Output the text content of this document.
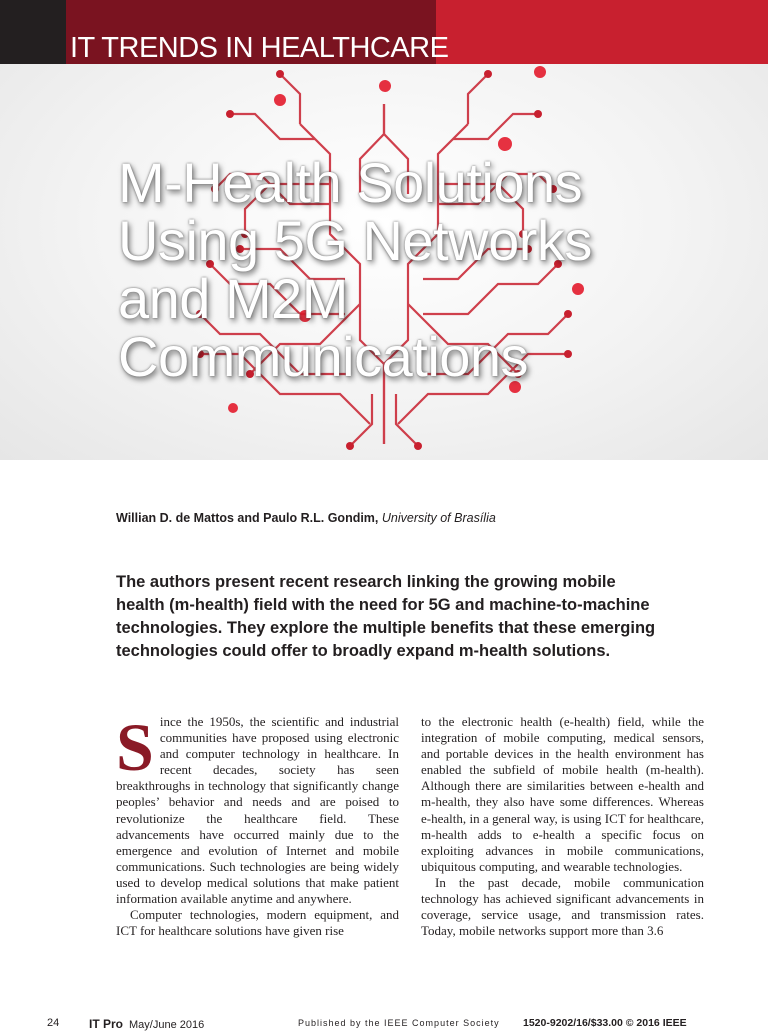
IT TRENDS IN HEALTHCARE
M-Health Solutions
Using 5G Networks
and M2M
Communications
Willian D. de Mattos and Paulo R.L. Gondim, University of Brasília
The authors present recent research linking the growing mobile health (m-health) field with the need for 5G and machine-to-machine technologies. They explore the multiple benefits that these emerging technologies could offer to broadly expand m-health solutions.

Since the 1950s, the scientific and industrial communities have proposed using electronic and computer technology in healthcare. In recent decades, society has seen breakthroughs in technology that significantly change peoples’ behavior and needs and are poised to revolutionize the healthcare field. These advancements have occurred mainly due to the emergence and evolution of Internet and mobile communications. Such technologies are being widely used to develop medical solutions that make patient information available anytime and anywhere.

Computer technologies, modern equipment, and ICT for healthcare solutions have given rise

to the electronic health (e-health) field, while the integration of mobile computing, medical sensors, and portable devices in the health environment has enabled the subfield of mobile health (m-health). Although there are similarities between e-health and m-health, they also have some differences. Whereas e-health, in a general way, is using ICT for healthcare, m-health adds to e-health a specific focus on exploiting advances in mobile communications, ubiquitous computing, and wearable technologies.

In the past decade, mobile communication technology has achieved significant advancements in coverage, service usage, and transmission rates. Today, mobile networks support more than 3.6

24 IT Pro May/June 2016	Published by the IEEE Computer Society 1520-9202/16/$33.00 © 2016 IEEE
